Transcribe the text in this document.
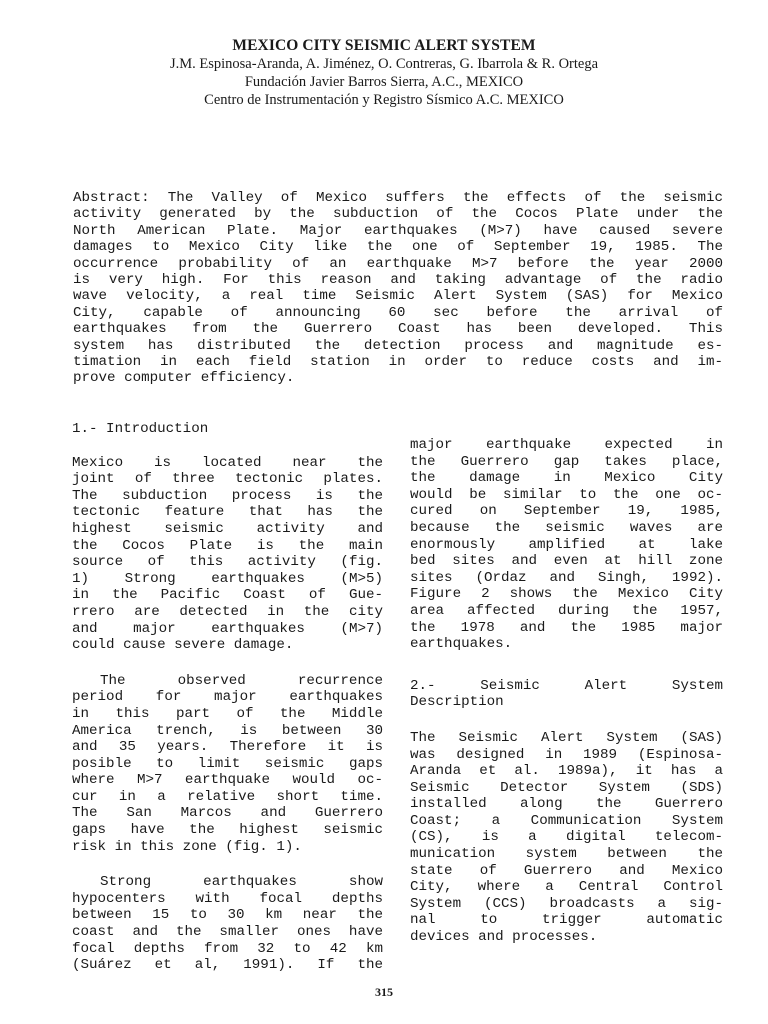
MEXICO CITY SEISMIC ALERT SYSTEM
J.M. Espinosa-Aranda, A. Jiménez, O. Contreras, G. Ibarrola & R. Ortega
Fundación Javier Barros Sierra, A.C., MEXICO
Centro de Instrumentación y Registro Sísmico A.C. MEXICO
Abstract: The Valley of Mexico suffers the effects of the seismic
activity generated by the subduction of the Cocos Plate under the
North American Plate. Major earthquakes (M>7) have caused severe
damages to Mexico City like the one of September 19, 1985. The
occurrence probability of an earthquake M>7 before the year 2000
is very high. For this reason and taking advantage of the radio
wave velocity, a real time Seismic Alert System (SAS) for Mexico
City, capable of announcing 60 sec before the arrival of
earthquakes from the Guerrero Coast has been developed. This
system has distributed the detection process and magnitude es-
timation in each field station in order to reduce costs and im-
prove computer efficiency.
1.- Introduction
Mexico is located near the
joint of three tectonic plates.
The subduction process is the
tectonic feature that has the
highest seismic activity and
the Cocos Plate is the main
source of this activity (fig.
1) Strong earthquakes (M>5)
in the Pacific Coast of Gue-
rrero are detected in the city
and major earthquakes (M>7)
could cause severe damage.
The observed recurrence
period for major earthquakes
in this part of the Middle
America trench, is between 30
and 35 years. Therefore it is
posible to limit seismic gaps
where M>7 earthquake would oc-
cur in a relative short time.
The San Marcos and Guerrero
gaps have the highest seismic
risk in this zone (fig. 1).
Strong earthquakes show
hypocenters with focal depths
between 15 to 30 km near the
coast and the smaller ones have
focal depths from 32 to 42 km
(Suárez et al, 1991). If the
major earthquake expected in
the Guerrero gap takes place,
the damage in Mexico City
would be similar to the one oc-
cured on September 19, 1985,
because the seismic waves are
enormously amplified at lake
bed sites and even at hill zone
sites (Ordaz and Singh, 1992).
Figure 2 shows the Mexico City
area affected during the 1957,
the 1978 and the 1985 major
earthquakes.
2.- Seismic Alert System
Description
The Seismic Alert System (SAS)
was designed in 1989 (Espinosa-
Aranda et al. 1989a), it has a
Seismic Detector System (SDS)
installed along the Guerrero
Coast; a Communication System
(CS), is a digital telecom-
munication system between the
state of Guerrero and Mexico
City, where a Central Control
System (CCS) broadcasts a sig-
nal to trigger automatic
devices and processes.
315
